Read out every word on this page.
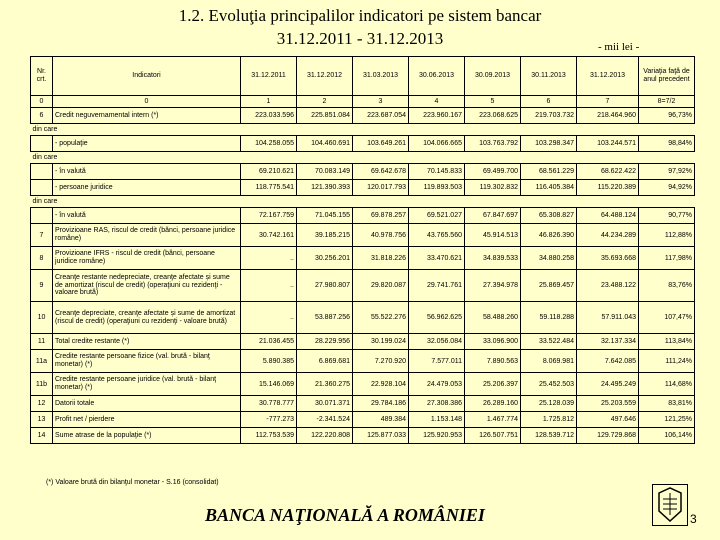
1.2. Evoluţia principalilor indicatori pe sistem bancar
31.12.2011 - 31.12.2013	- mii lei -
Nr. crt.	Indicatori	31.12.2011	31.12.2012	31.03.2013	30.06.2013	30.09.2013	30.11.2013	31.12.2013	Variaţia faţă de anul precedent
0	0	1	2	3	4	5	6	7	8=7/2
6	Credit neguvernamental intern (*)	223.033.596	225.851.084	223.687.054	223.960.167	223.068.625	219.703.732	218.464.960	96,73%
din care									
	- populaţie	104.258.055	104.460.691	103.649.261	104.066.665	103.763.792	103.298.347	103.244.571	98,84%
din care									
	- în valută	69.210.621	70.083.149	69.642.678	70.145.833	69.499.700	68.561.229	68.622.422	97,92%
	- persoane juridice	118.775.541	121.390.393	120.017.793	119.893.503	119.302.832	116.405.384	115.220.389	94,92%
din care									
	- în valută	72.167.759	71.045.155	69.878.257	69.521.027	67.847.697	65.308.827	64.488.124	90,77%
7	Provizioane RAS, riscul de credit (bănci, persoane juridice române)	30.742.161	39.185.215	40.978.756	43.765.560	45.914.513	46.826.390	44.234.289	112,88%
8	Provizioane IFRS - riscul de credit (bănci, persoane juridice române)	..	30.256.201	31.818.226	33.470.621	34.839.533	34.880.258	35.693.668	117,98%
9	Creanţe restante nedepreciate, creanţe afectate și sume de amortizat (riscul de credit) (operaţiuni cu rezidenţi - valoare brută)	..	27.980.807	29.820.087	29.741.761	27.394.978	25.869.457	23.488.122	83,76%
10	Creanţe depreciate, creanţe afectate și sume de amortizat (riscul de credit) (operaţiuni cu rezidenţi - valoare brută)	..	53.887.256	55.522.276	56.962.625	58.488.260	59.118.288	57.911.043	107,47%
11	Total credite restante (*)	21.036.455	28.229.956	30.199.024	32.056.084	33.096.900	33.522.484	32.137.334	113,84%
11a	Credite restante persoane fizice (val. brută - bilanţ monetar) (*)	5.890.385	6.869.681	7.270.920	7.577.011	7.890.563	8.069.981	7.642.085	111,24%
11b	Credite restante persoane juridice (val. brută - bilanţ monetar) (*)	15.146.069	21.360.275	22.928.104	24.479.053	25.206.397	25.452.503	24.495.249	114,68%
12	Datorii totale	30.778.777	30.071.371	29.784.186	27.308.386	26.289.160	25.128.039	25.203.559	83,81%
13	Profit net / pierdere	-777.273	-2.341.524	489.384	1.153.148	1.467.774	1.725.812	497.646	121,25%
14	Sume atrase de la populaţie (*)	112.753.539	122.220.808	125.877.033	125.920.953	126.507.751	128.539.712	129.729.868	106,14%
(*) Valoare brută din bilanţul monetar - S.16 (consolidat)
BANCA NAŢIONALĂ A ROMÂNIEI	3
